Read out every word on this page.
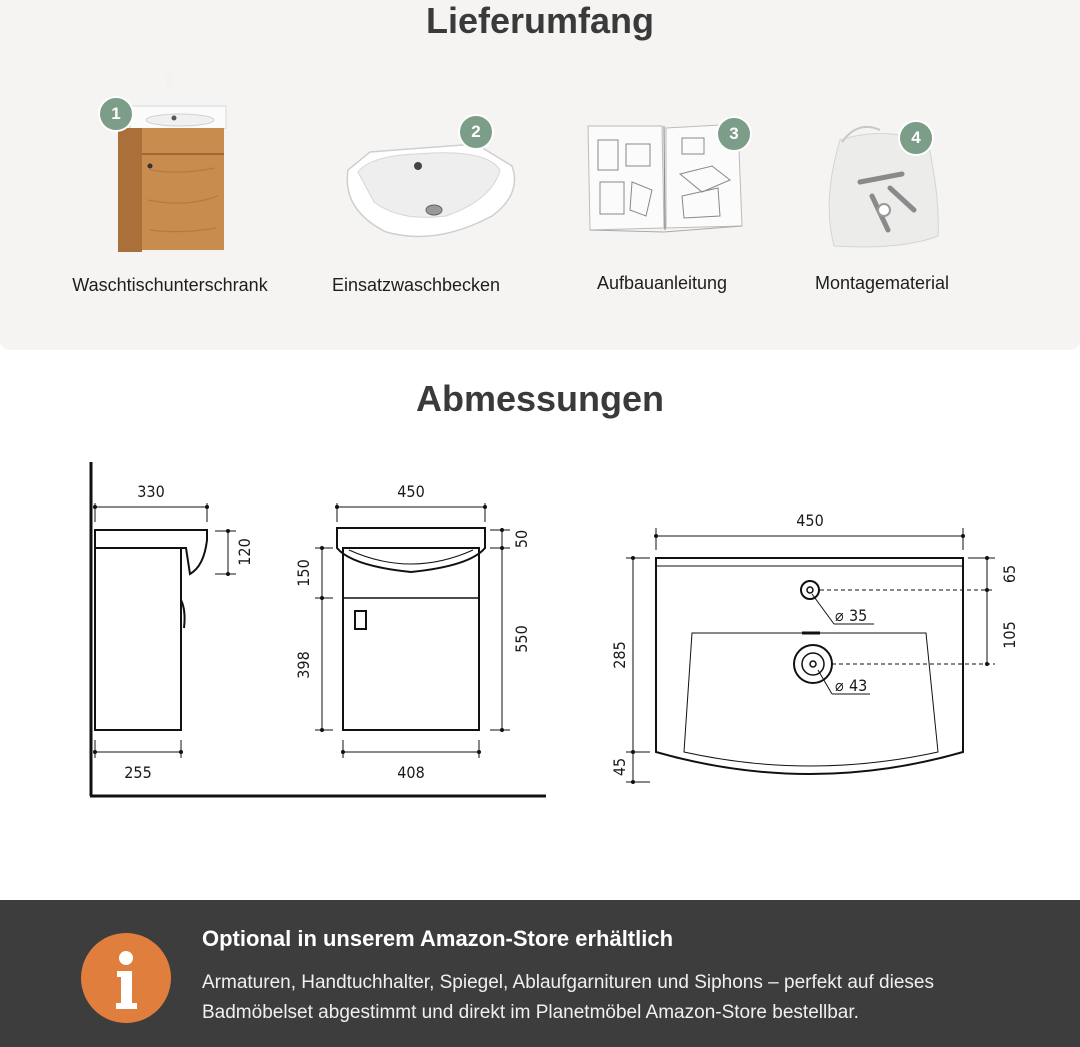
Lieferumfang
1
Waschtischunterschrank
2
Einsatzwaschbecken
3
Aufbauanleitung
4
Montagematerial
Abmessungen
330
120
255
450
50
150
398
550
408
450
65
105
285
45
⌀ 35
⌀ 43
Optional in unserem Amazon-Store erhältlich
Armaturen, Handtuchhalter, Spiegel, Ablaufgarnituren und Siphons – perfekt auf dieses
Badmöbelset abgestimmt und direkt im Planetmöbel Amazon-Store bestellbar.
